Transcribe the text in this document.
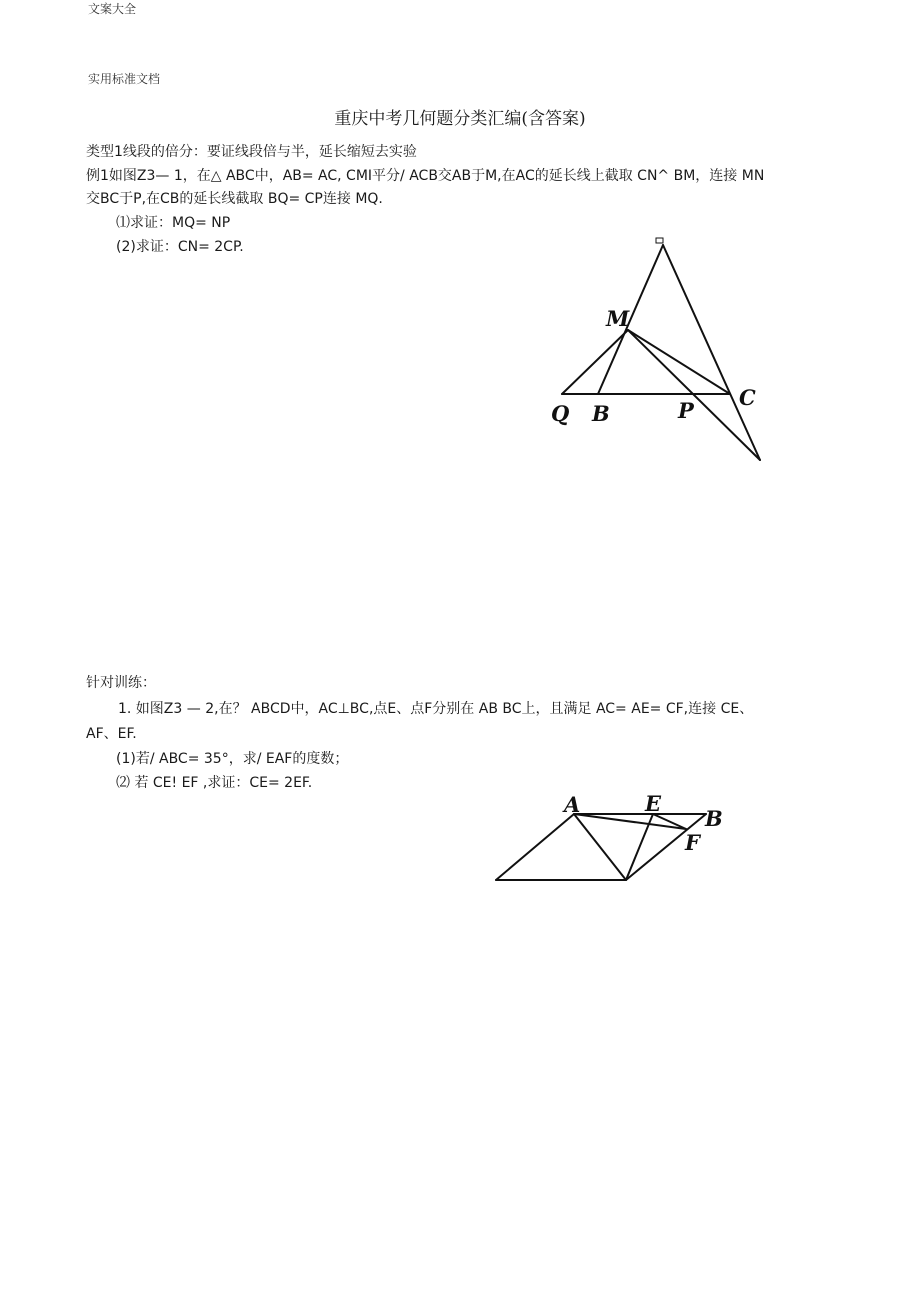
文案大全
实用标准文档
重庆中考几何题分类汇编(含答案)
类型1线段的倍分：要证线段倍与半，延长缩短去实验
例1如图Z3— 1，在△ ABC中，AB= AC, CMI平分/ ACB交AB于M,在AC的延长线上截取 CN^ BM，连接 MN
交BC于P,在CB的延长线截取 BQ= CP连接 MQ.
⑴求证：MQ= NP
(2)求证：CN= 2CP.
针对训练：
1. 如图Z3 — 2,在？ ABCD中，AC⊥BC,点E、点F分别在 AB BC上，且满足 AC= AE= CF,连接 CE、
AF、EF.
(1)若/ ABC= 35°，求/ EAF的度数；
⑵ 若 CE! EF ,求证：CE= 2EF.
M
Q B	P
C
A	E
B
F
